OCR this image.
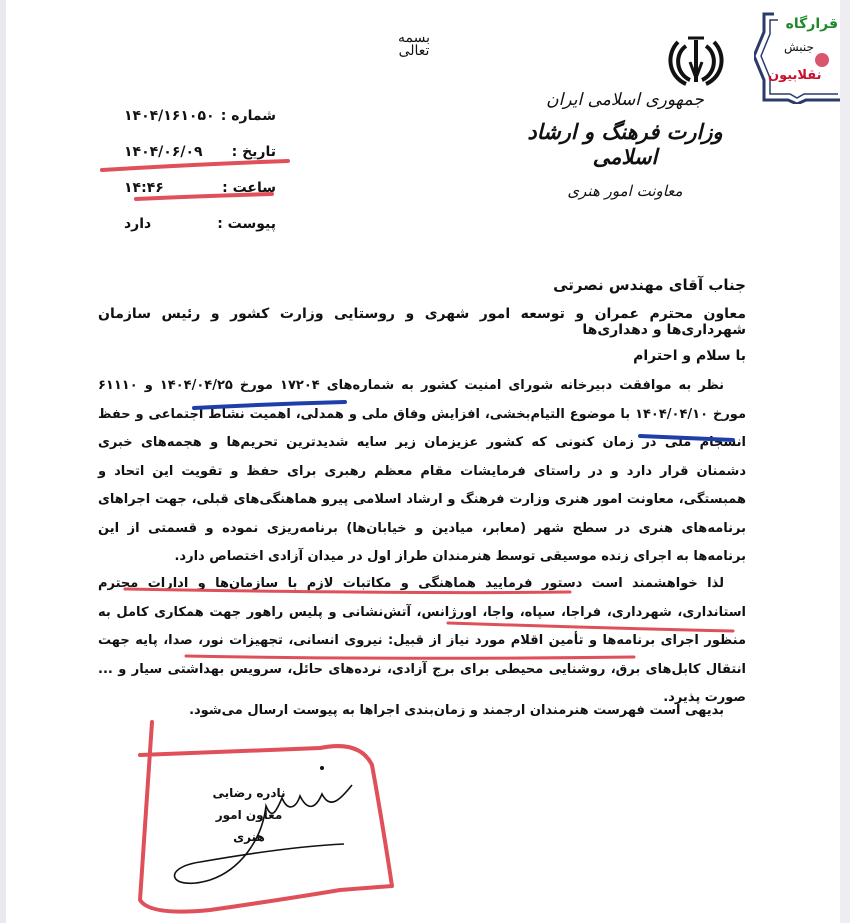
بسمه تعالی
جمهوری اسلامی ایران
وزارت فرهنگ و ارشاد اسلامی
معاونت امور هنری
شماره :
۱۴۰۴/۱۶۱۰۵۰
تاریخ :
۱۴۰۴/۰۶/۰۹
ساعت :
۱۴:۴۶
پیوست :
دارد
جناب آقای مهندس نصرتی
معاون محترم عمران و توسعه امور شهری و روستایی وزارت کشور و رئیس سازمان شهرداری‌ها و دهداری‌ها
با سلام و احترام
نظر به موافقت دبیرخانه شورای امنیت کشور به شماره‌های ۱۷۲۰۴ مورخ ۱۴۰۴/۰۴/۲۵ و ۶۱۱۱۰ مورخ ۱۴۰۴/۰۴/۱۰ با موضوع التیام‌بخشی، افزایش وفاق ملی و همدلی، اهمیت نشاط اجتماعی و حفظ انسجام ملی در زمان کنونی که کشور عزیزمان زیر سایه شدیدترین تحریم‌ها و هجمه‌های خبری دشمنان قرار دارد و در راستای فرمایشات مقام معظم رهبری برای حفظ و تقویت این اتحاد و همبستگی، معاونت امور هنری وزارت فرهنگ و ارشاد اسلامی پیرو هماهنگی‌های قبلی، جهت اجراهای برنامه‌های هنری در سطح شهر (معابر، میادین و خیابان‌ها) برنامه‌ریزی نموده و قسمتی از این برنامه‌ها به اجرای زنده موسیقی توسط هنرمندان طراز اول در میدان آزادی اختصاص دارد.
لذا خواهشمند است دستور فرمایید هماهنگی و مکاتبات لازم با سازمان‌ها و ادارات محترم استانداری، شهرداری، فراجا، سپاه، واجا، اورژانس، آتش‌نشانی و پلیس راهور جهت همکاری کامل به منظور اجرای برنامه‌ها و تأمین اقلام مورد نیاز از قبیل: نیروی انسانی، تجهیزات نور، صدا، پایه جهت انتقال کابل‌های برق، روشنایی محیطی برای برج آزادی، نرده‌های حائل، سرویس بهداشتی سیار و ... صورت پذیرد.
بدیهی است فهرست هنرمندان ارجمند و زمان‌بندی اجراها به پیوست ارسال می‌شود.
نادره رضایی
معاون امور هنری
قرارگاه
جنبش
نقلابیون
